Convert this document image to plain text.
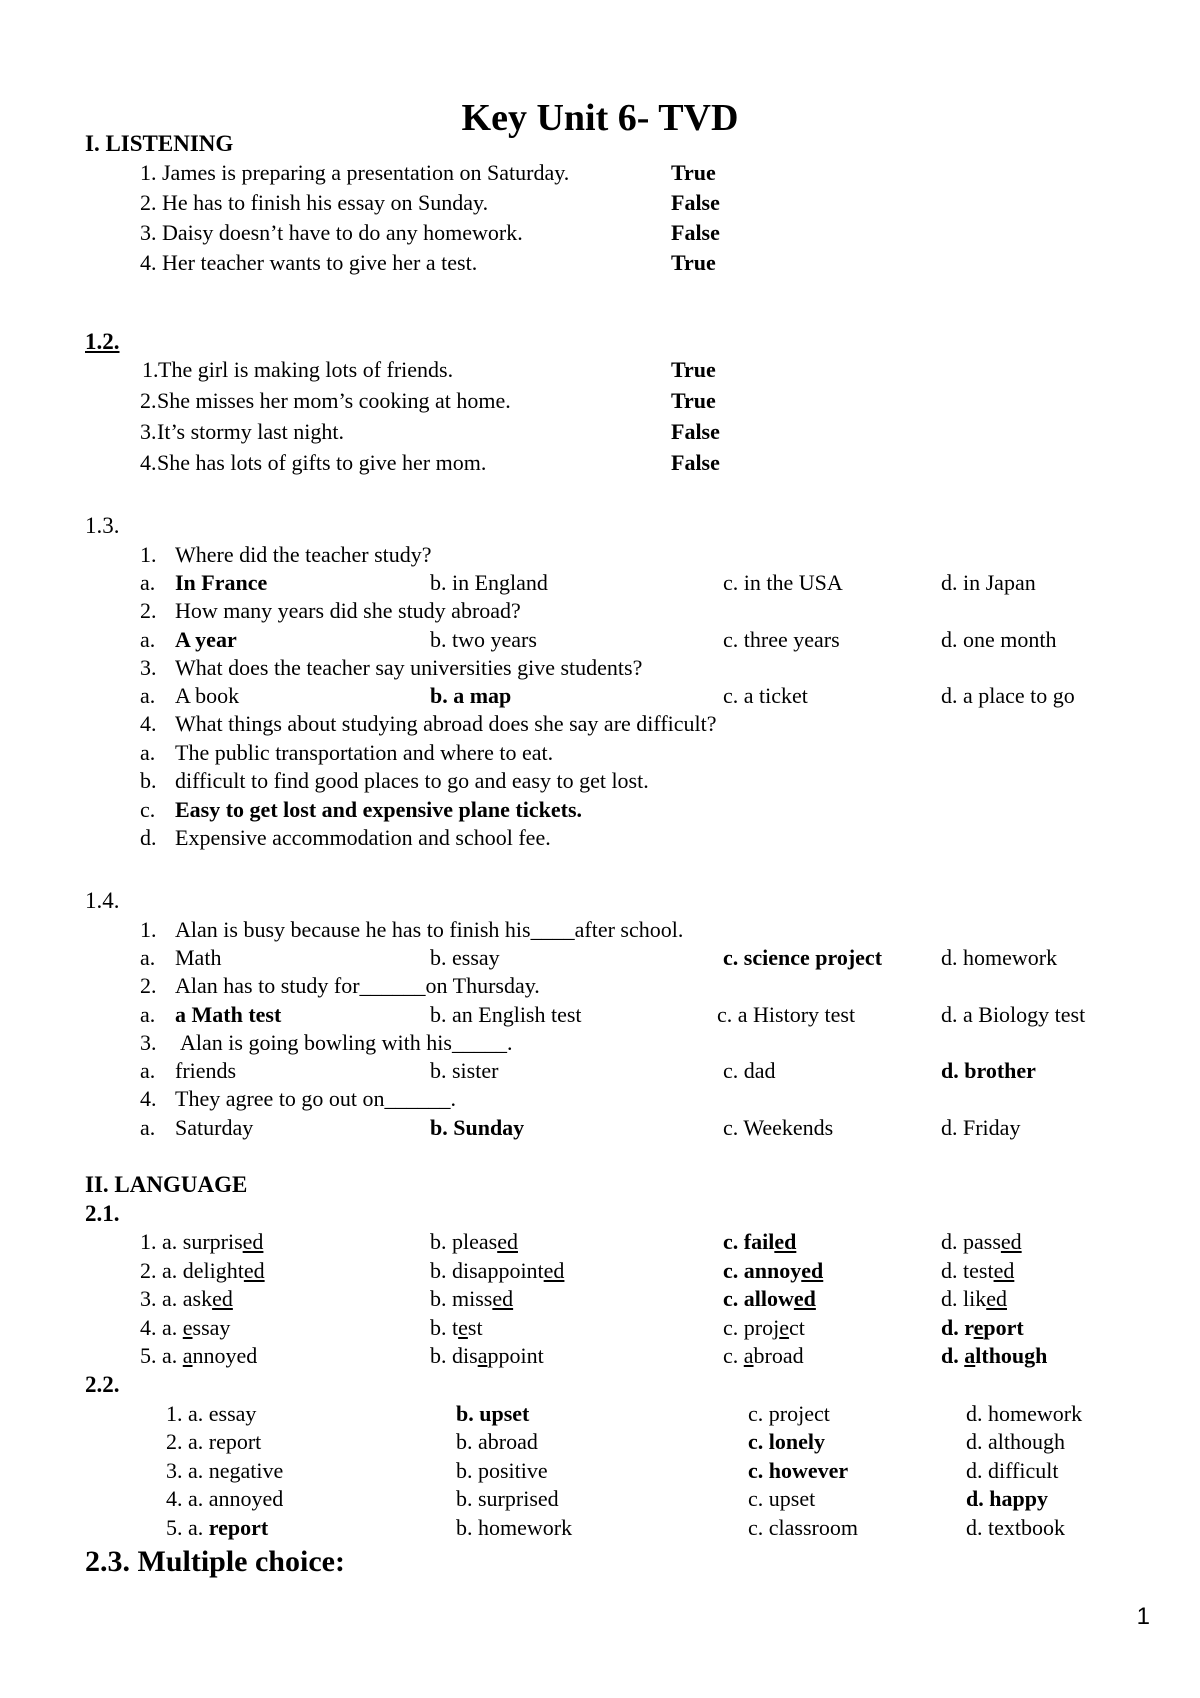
Key Unit 6- TVD
I. LISTENING
1. James is preparing a presentation on Saturday.	True
2. He has to finish his essay on Sunday.	False
3. Daisy doesn’t have to do any homework.	False
4. Her teacher wants to give her a test.	True
1.2.
1. The girl is making lots of friends.	True
2. She misses her mom’s cooking at home.	True
3. It’s stormy last night.	False
4. She has lots of gifts to give her mom.	False
1.3.
1. Where did the teacher study?
a. In France	b. in England	c. in the USA	d. in Japan
2. How many years did she study abroad?
a. A year	b. two years	c. three years	d. one month
3. What does the teacher say universities give students?
a. A book	b. a map	c. a ticket	d. a place to go
4. What things about studying abroad does she say are difficult?
a. The public transportation and where to eat.
b. difficult to find good places to go and easy to get lost.
c. Easy to get lost and expensive plane tickets.
d. Expensive accommodation and school fee.
1.4.
1. Alan is busy because he has to finish his____after school.
a. Math	b. essay	c. science project	d. homework
2. Alan has to study for______on Thursday.
a. a Math test	b. an English test	c. a History test	d. a Biology test
3. Alan is going bowling with his_____.
a. friends	b. sister	c. dad	d. brother
4. They agree to go out on______.
a. Saturday	b. Sunday	c. Weekends	d. Friday
II. LANGUAGE
2.1.
1. a. surprised	b. pleased	c. failed	d. passed
2. a. delighted	b. disappointed	c. annoyed	d. tested
3. a. asked	b. missed	c. allowed	d. liked
4. a. essay	b. test	c. project	d. report
5. a. annoyed	b. disappoint	c. abroad	d. although
2.2.
1. a. essay	b. upset	c. project	d. homework
2. a. report	b. abroad	c. lonely	d. although
3. a. negative	b. positive	c. however	d. difficult
4. a. annoyed	b. surprised	c. upset	d. happy
5. a. report	b. homework	c. classroom	d. textbook
2.3. Multiple choice:
1
